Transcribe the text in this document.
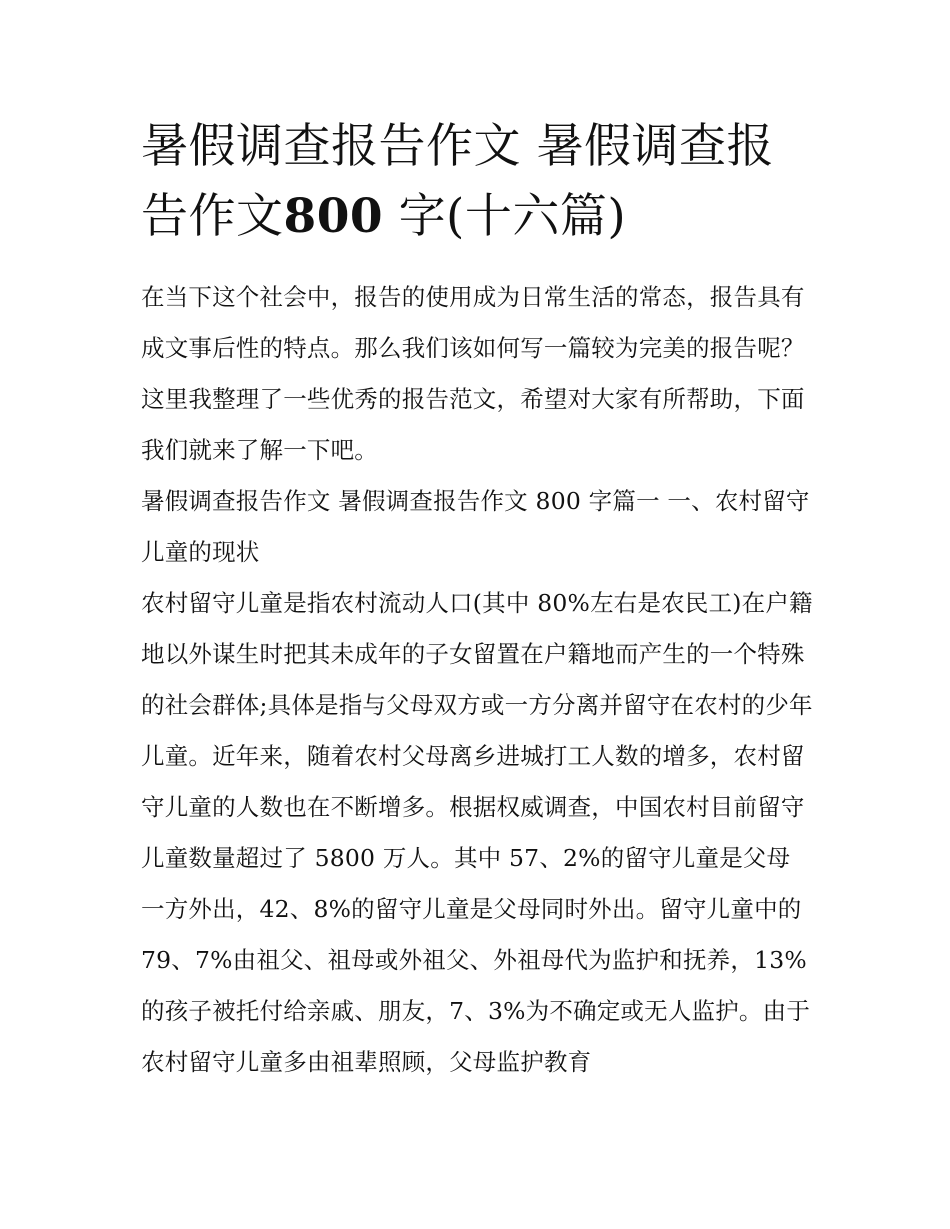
暑假调查报告作文 暑假调查报告作文800 字(十六篇)

在当下这个社会中，报告的使用成为日常生活的常态，报告具有成文事后性的特点。那么我们该如何写一篇较为完美的报告呢？这里我整理了一些优秀的报告范文，希望对大家有所帮助，下面我们就来了解一下吧。

暑假调查报告作文 暑假调查报告作文 800 字篇一 一、农村留守儿童的现状

农村留守儿童是指农村流动人口(其中 80%左右是农民工)在户籍地以外谋生时把其未成年的子女留置在户籍地而产生的一个特殊的社会群体;具体是指与父母双方或一方分离并留守在农村的少年儿童。近年来，随着农村父母离乡进城打工人数的增多，农村留守儿童的人数也在不断增多。根据权威调查，中国农村目前留守儿童数量超过了 5800 万人。其中 57、2%的留守儿童是父母一方外出，42、8%的留守儿童是父母同时外出。留守儿童中的 79、7%由祖父、祖母或外祖父、外祖母代为监护和抚养，13%的孩子被托付给亲戚、朋友，7、3%为不确定或无人监护。由于农村留守儿童多由祖辈照顾，父母监护教育
